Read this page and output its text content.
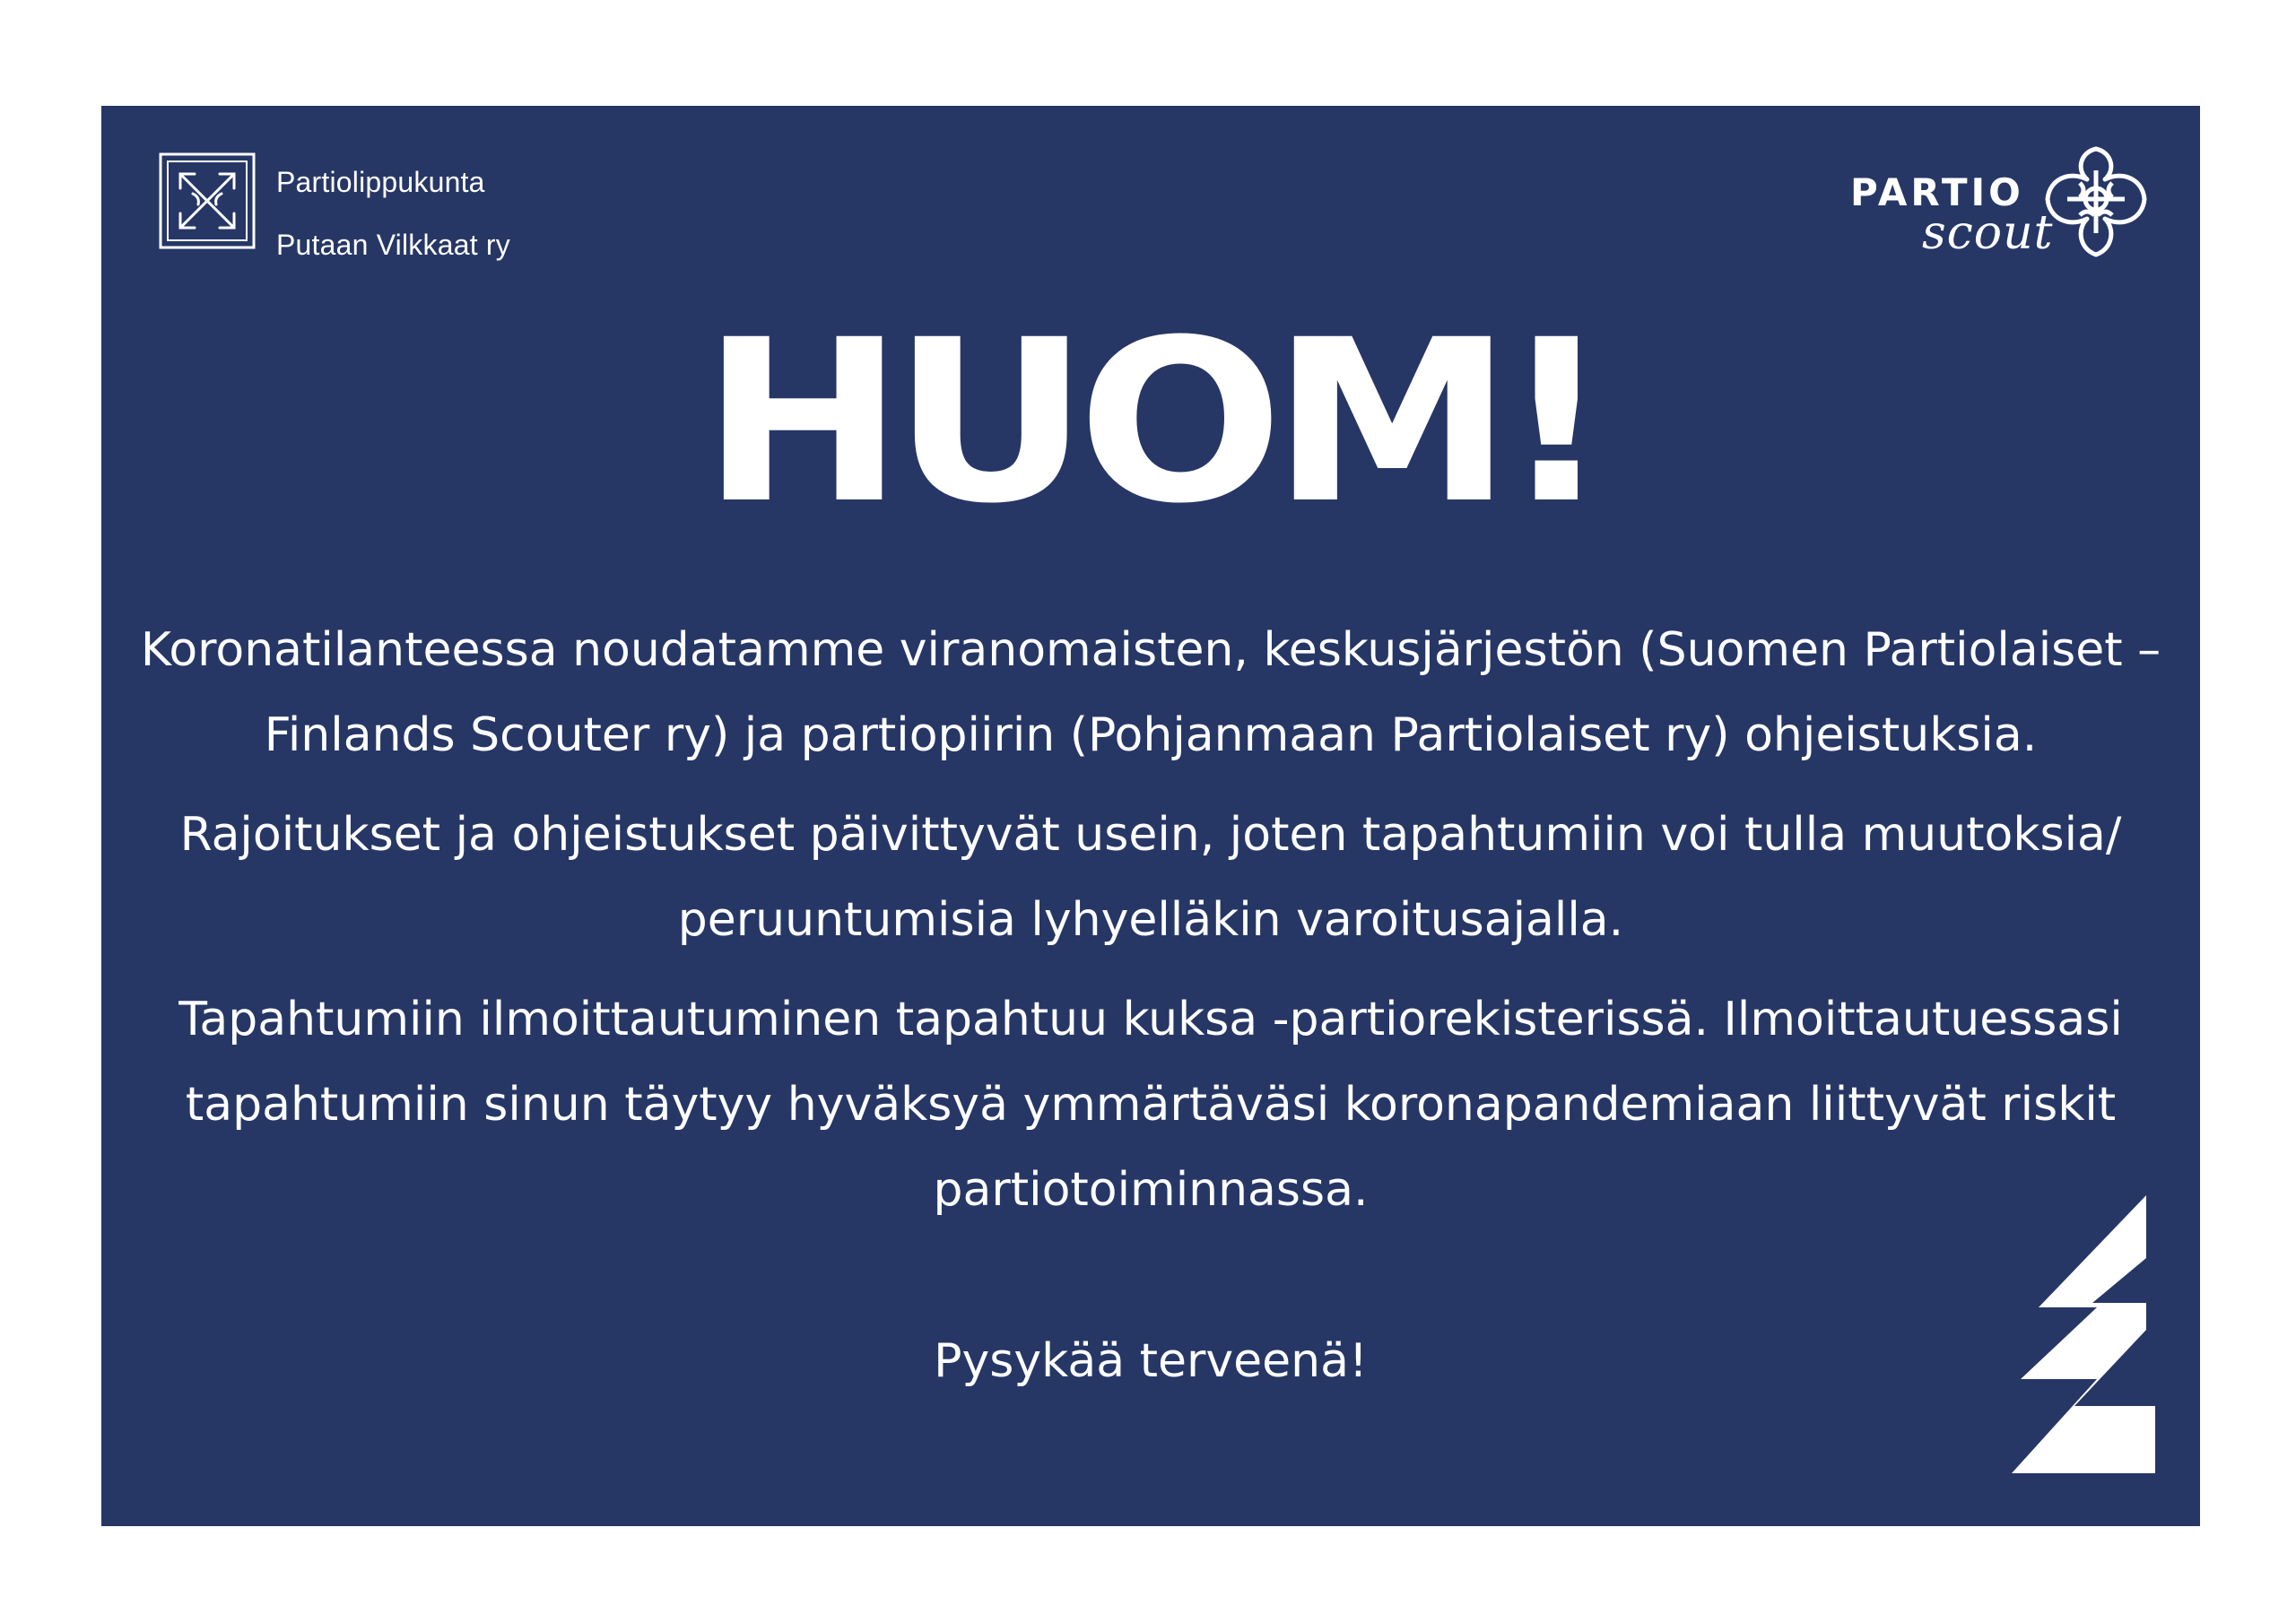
Partiolippukunta
Putaan Vilkkaat ry
PARTIO
scout
HUOM!

Koronatilanteessa noudatamme viranomaisten, keskusjärjestön (Suomen Partiolaiset – Finlands Scouter ry) ja partiopiirin (Pohjanmaan Partiolaiset ry) ohjeistuksia.

Rajoitukset ja ohjeistukset päivittyvät usein, joten tapahtumiin voi tulla muutoksia/ peruuntumisia lyhyelläkin varoitusajalla.

Tapahtumiin ilmoittautuminen tapahtuu kuksa -partiorekisterissä. Ilmoittautuessasi tapahtumiin sinun täytyy hyväksyä ymmärtäväsi koronapandemiaan liittyvät riskit partiotoiminnassa.

Pysykää terveenä!
